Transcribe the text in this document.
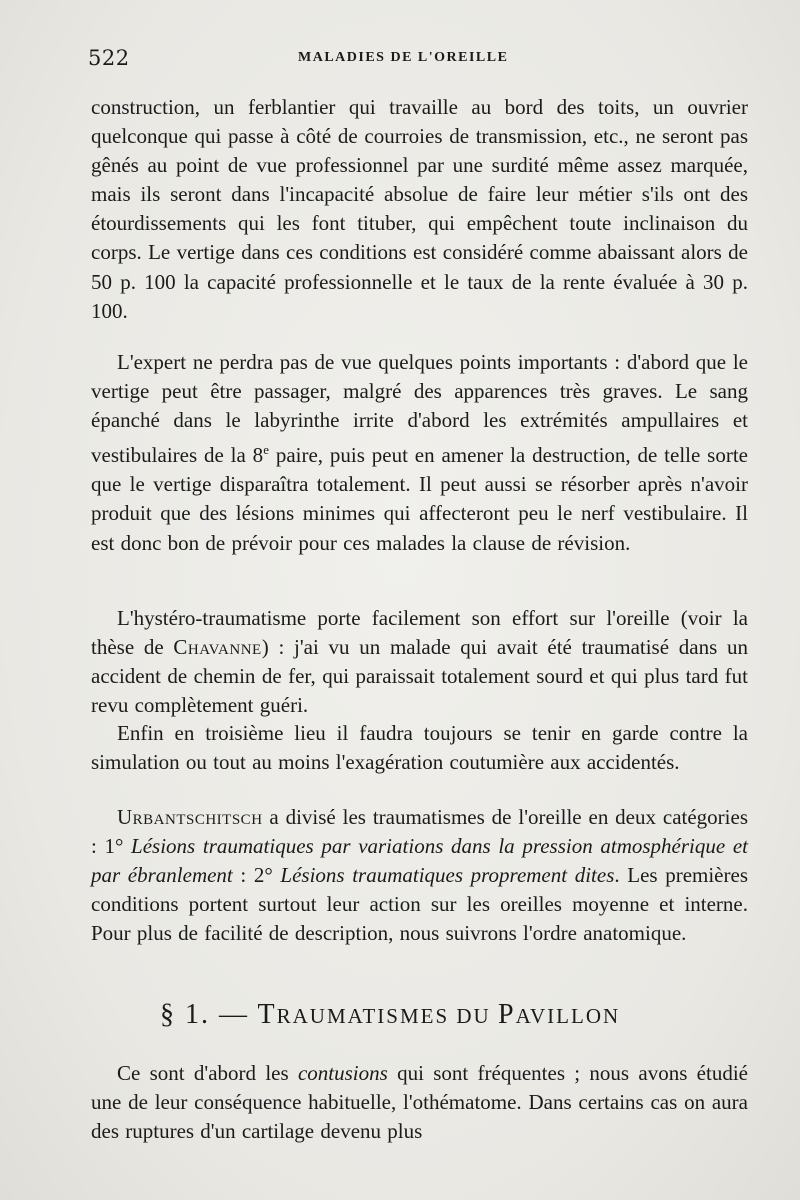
522	MALADIES DE L'OREILLE

construction, un ferblantier qui travaille au bord des toits, un ouvrier quelconque qui passe à côté de courroies de transmission, etc., ne seront pas gênés au point de vue professionnel par une surdité même assez marquée, mais ils seront dans l'incapacité absolue de faire leur métier s'ils ont des étourdissements qui les font tituber, qui empêchent toute inclinaison du corps. Le vertige dans ces conditions est considéré comme abaissant alors de 50 p. 100 la capacité professionnelle et le taux de la rente évaluée à 30 p. 100.

L'expert ne perdra pas de vue quelques points importants : d'abord que le vertige peut être passager, malgré des apparences très graves. Le sang épanché dans le labyrinthe irrite d'abord les extrémités ampullaires et vestibulaires de la 8e paire, puis peut en amener la destruction, de telle sorte que le vertige disparaîtra totalement. Il peut aussi se résorber après n'avoir produit que des lésions minimes qui affecteront peu le nerf vestibulaire. Il est donc bon de prévoir pour ces malades la clause de révision.

L'hystéro-traumatisme porte facilement son effort sur l'oreille (voir la thèse de Chavanne) : j'ai vu un malade qui avait été traumatisé dans un accident de chemin de fer, qui paraissait totalement sourd et qui plus tard fut revu complètement guéri.

Enfin en troisième lieu il faudra toujours se tenir en garde contre la simulation ou tout au moins l'exagération coutumière aux accidentés.

Urbantschitsch a divisé les traumatismes de l'oreille en deux catégories : 1° Lésions traumatiques par variations dans la pression atmosphérique et par ébranlement : 2° Lésions traumatiques proprement dites. Les premières conditions portent surtout leur action sur les oreilles moyenne et interne. Pour plus de facilité de description, nous suivrons l'ordre anatomique.

§ 1. — TRAUMATISMES DU PAVILLON

Ce sont d'abord les contusions qui sont fréquentes ; nous avons étudié une de leur conséquence habituelle, l'othématome. Dans certains cas on aura des ruptures d'un cartilage devenu plus
